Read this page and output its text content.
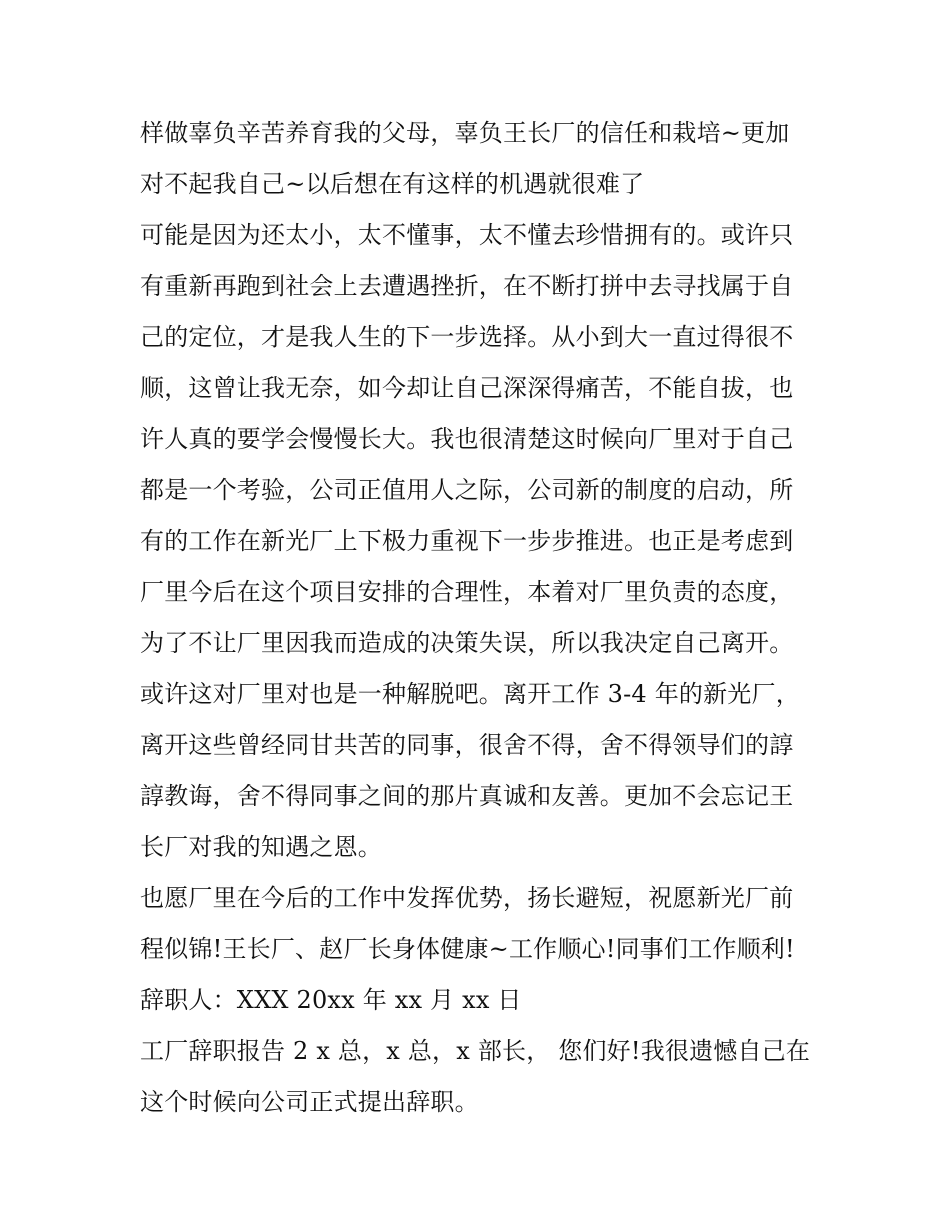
样做辜负辛苦养育我的父母，辜负王长厂的信任和栽培~更加
对不起我自己~以后想在有这样的机遇就很难了
可能是因为还太小，太不懂事，太不懂去珍惜拥有的。或许只
有重新再跑到社会上去遭遇挫折，在不断打拼中去寻找属于自
己的定位，才是我人生的下一步选择。从小到大一直过得很不
顺，这曾让我无奈，如今却让自己深深得痛苦，不能自拔，也
许人真的要学会慢慢长大。我也很清楚这时候向厂里对于自己
都是一个考验，公司正值用人之际，公司新的制度的启动，所
有的工作在新光厂上下极力重视下一步步推进。也正是考虑到
厂里今后在这个项目安排的合理性，本着对厂里负责的态度，
为了不让厂里因我而造成的决策失误，所以我决定自己离开。
或许这对厂里对也是一种解脱吧。离开工作 3-4 年的新光厂，
离开这些曾经同甘共苦的同事，很舍不得，舍不得领导们的諄
諄教诲，舍不得同事之间的那片真诚和友善。更加不会忘记王
长厂对我的知遇之恩。
也愿厂里在今后的工作中发挥优势，扬长避短，祝愿新光厂前
程似锦!王长厂、赵厂长身体健康~工作顺心!同事们工作顺利!
辞职人：XXX 20xx 年 xx 月 xx 日
工厂辞职报告 2 x 总，x 总，x 部长， 您们好!我很遗憾自己在
这个时候向公司正式提出辞职。
